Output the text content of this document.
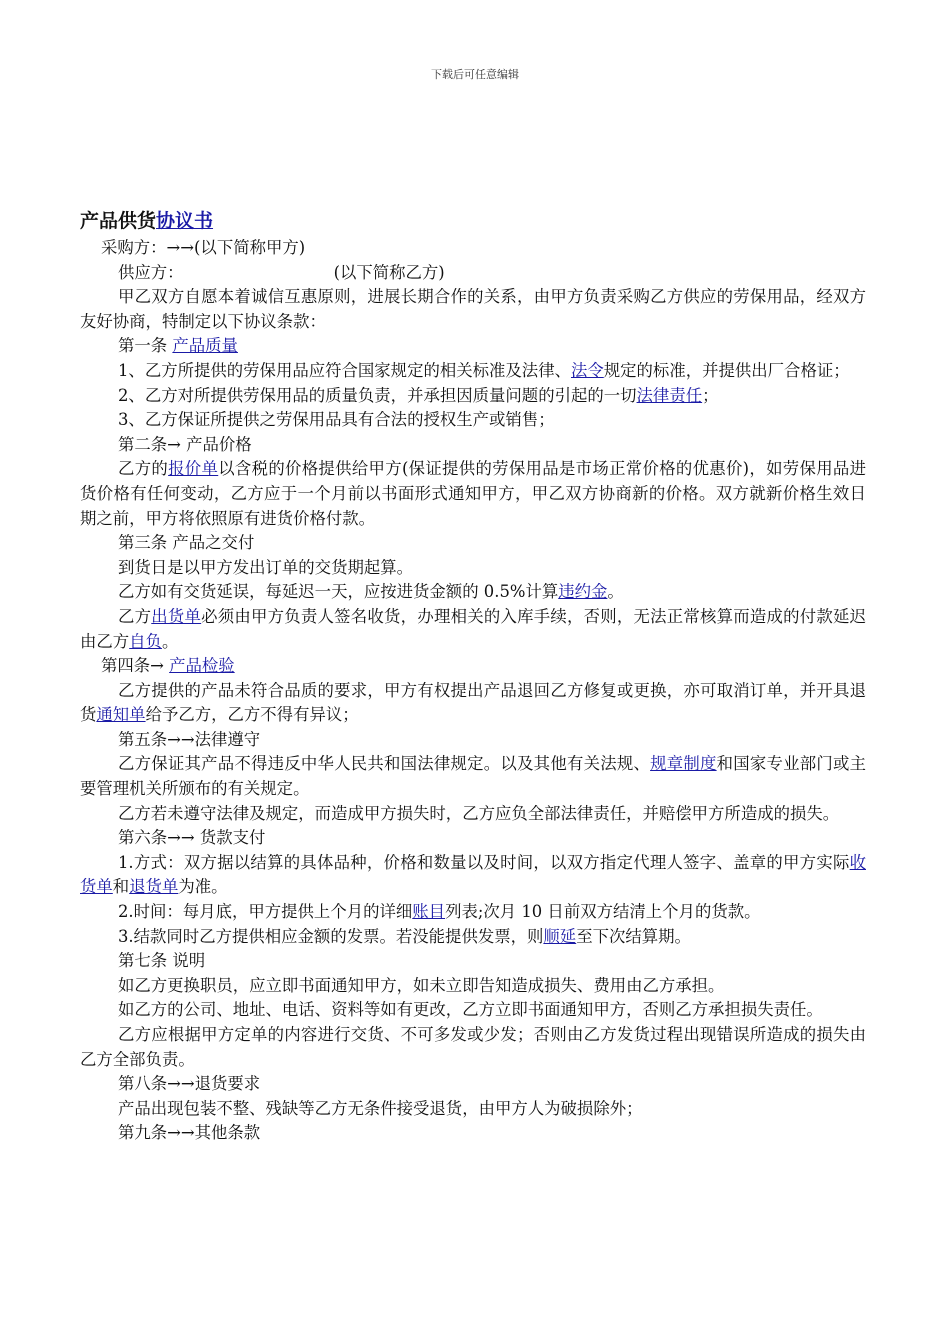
下载后可任意编辑
产品供货协议书

采购方：→→(以下简称甲方)

供应方：	(以下简称乙方)

甲乙双方自愿本着诚信互惠原则，进展长期合作的关系，由甲方负责采购乙方供应的劳保用品，经双方友好协商，特制定以下协议条款：

第一条 产品质量

1、乙方所提供的劳保用品应符合国家规定的相关标准及法律、法令规定的标准，并提供出厂合格证；

2、乙方对所提供劳保用品的质量负责，并承担因质量问题的引起的一切法律责任；

3、乙方保证所提供之劳保用品具有合法的授权生产或销售；

第二条→ 产品价格

乙方的报价单以含税的价格提供给甲方(保证提供的劳保用品是市场正常价格的优惠价)，如劳保用品进货价格有任何变动，乙方应于一个月前以书面形式通知甲方，甲乙双方协商新的价格。双方就新价格生效日期之前，甲方将依照原有进货价格付款。

第三条 产品之交付

到货日是以甲方发出订单的交货期起算。

乙方如有交货延误，每延迟一天，应按进货金额的 0.5%计算违约金。

乙方出货单必须由甲方负责人签名收货，办理相关的入库手续，否则，无法正常核算而造成的付款延迟由乙方自负。

第四条→ 产品检验

乙方提供的产品未符合品质的要求，甲方有权提出产品退回乙方修复或更换，亦可取消订单，并开具退货通知单给予乙方，乙方不得有异议；

第五条→→法律遵守

乙方保证其产品不得违反中华人民共和国法律规定。以及其他有关法规、规章制度和国家专业部门或主要管理机关所颁布的有关规定。

乙方若未遵守法律及规定，而造成甲方损失时，乙方应负全部法律责任，并赔偿甲方所造成的损失。

第六条→→ 货款支付

1.方式：双方据以结算的具体品种，价格和数量以及时间，以双方指定代理人签字、盖章的甲方实际收货单和退货单为准。

2.时间：每月底，甲方提供上个月的详细账目列表;次月 10 日前双方结清上个月的货款。

3.结款同时乙方提供相应金额的发票。若没能提供发票，则顺延至下次结算期。

第七条 说明

如乙方更换职员，应立即书面通知甲方，如未立即告知造成损失、费用由乙方承担。

如乙方的公司、地址、电话、资料等如有更改，乙方立即书面通知甲方，否则乙方承担损失责任。

乙方应根据甲方定单的内容进行交货、不可多发或少发；否则由乙方发货过程出现错误所造成的损失由乙方全部负责。

第八条→→退货要求

产品出现包装不整、残缺等乙方无条件接受退货，由甲方人为破损除外；

第九条→→其他条款
